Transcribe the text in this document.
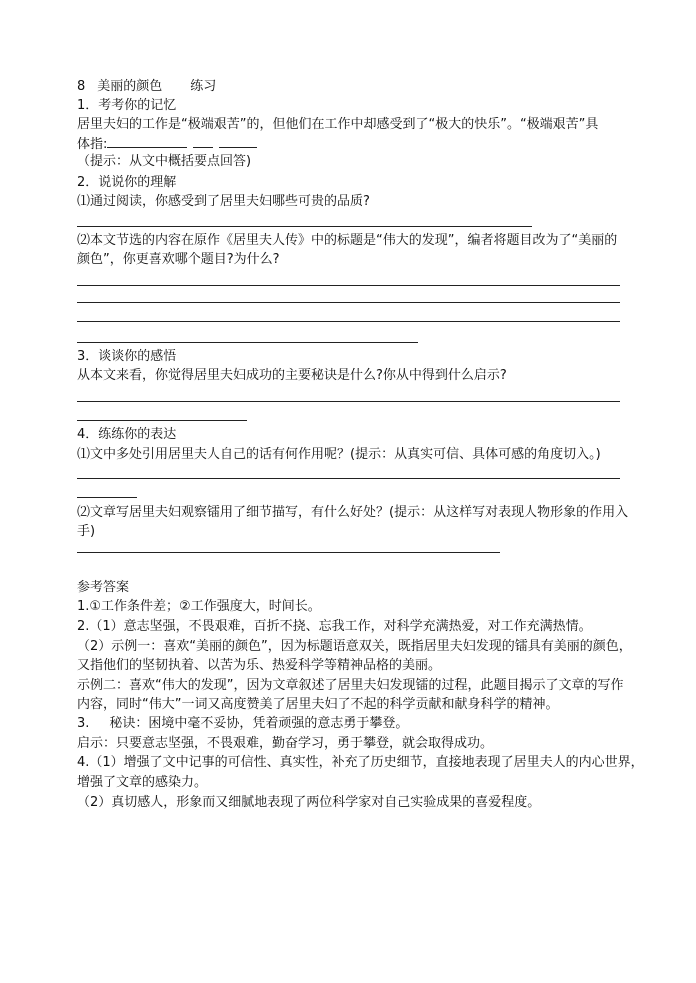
8 美丽的颜色 练习
1．考考你的记忆
居里夫妇的工作是“极端艰苦”的，但他们在工作中却感受到了“极大的快乐”。“极端艰苦”具
体指:
（提示：从文中概括要点回答)
2．说说你的理解
⑴通过阅读，你感受到了居里夫妇哪些可贵的品质?
⑵本文节选的内容在原作《居里夫人传》中的标题是“伟大的发现”，编者将题目改为了“美丽的
颜色”，你更喜欢哪个题目?为什么?
3．谈谈你的感悟
从本文来看，你觉得居里夫妇成功的主要秘诀是什么?你从中得到什么启示?
4．练练你的表达
⑴文中多处引用居里夫人自己的话有何作用呢？(提示：从真实可信、具体可感的角度切入。)
⑵文章写居里夫妇观察镭用了细节描写，有什么好处？(提示：从这样写对表现人物形象的作用入
手)
参考答案
1.①工作条件差；②工作强度大，时间长。
2.（1）意志坚强，不畏艰难，百折不挠、忘我工作，对科学充满热爱，对工作充满热情。
（2）示例一：喜欢“美丽的颜色”，因为标题语意双关，既指居里夫妇发现的镭具有美丽的颜色，
又指他们的坚韧执着、以苦为乐、热爱科学等精神品格的美丽。
示例二：喜欢“伟大的发现”，因为文章叙述了居里夫妇发现镭的过程，此题目揭示了文章的写作
内容，同时“伟大”一词又高度赞美了居里夫妇了不起的科学贡献和献身科学的精神。
3. 秘诀：困境中毫不妥协，凭着顽强的意志勇于攀登。
启示：只要意志坚强，不畏艰难，勤奋学习，勇于攀登，就会取得成功。
4.（1）增强了文中记事的可信性、真实性，补充了历史细节，直接地表现了居里夫人的内心世界，
增强了文章的感染力。
（2）真切感人，形象而又细腻地表现了两位科学家对自己实验成果的喜爱程度。
